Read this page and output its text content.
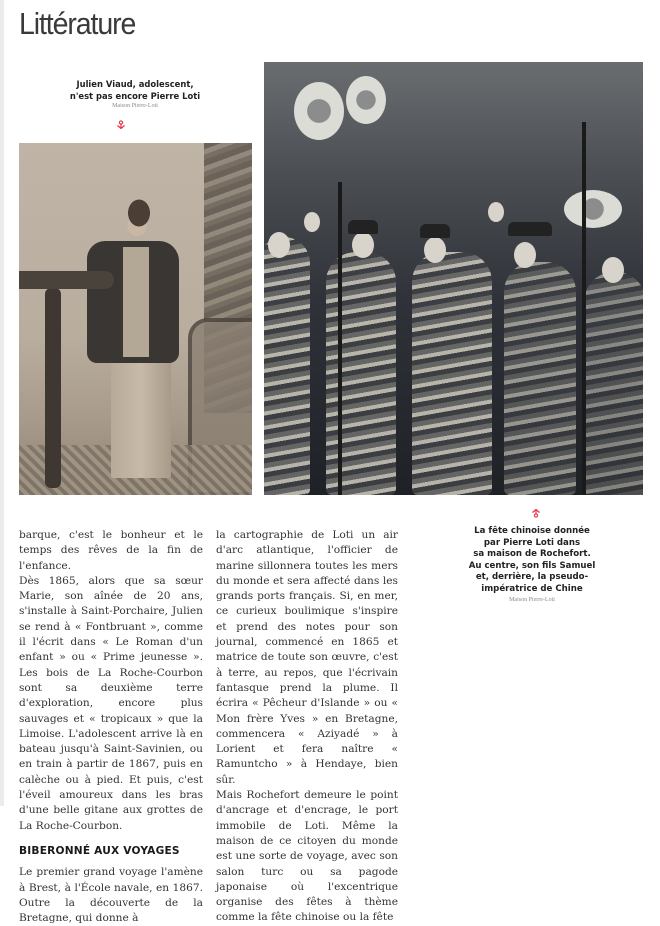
Littérature
Julien Viaud, adolescent,
n'est pas encore Pierre Loti
Maison Pierre-Loti
La fête chinoise donnée
par Pierre Loti dans
sa maison de Rochefort.
Au centre, son fils Samuel
et, derrière, la pseudo-
impératrice de Chine
Maison Pierre-Loti

barque, c'est le bonheur et le temps des rêves de la fin de l'enfance.

Dès 1865, alors que sa sœur Marie, son aînée de 20 ans, s'installe à Saint-Porchaire, Julien se rend à « Fontbruant », comme il l'écrit dans « Le Roman d'un enfant » ou « Prime jeunesse ». Les bois de La Roche-Courbon sont sa deuxième terre d'exploration, encore plus sauvages et « tropicaux » que la Limoise. L'adolescent arrive là en bateau jusqu'à Saint-Savinien, ou en train à partir de 1867, puis en calèche ou à pied. Et puis, c'est l'éveil amoureux dans les bras d'une belle gitane aux grottes de La Roche-Courbon.

BIBERONNÉ AUX VOYAGES

Le premier grand voyage l'amène à Brest, à l'École navale, en 1867. Outre la découverte de la Bretagne, qui donne à

la cartographie de Loti un air d'arc atlantique, l'officier de marine sillonnera toutes les mers du monde et sera affecté dans les grands ports français. Si, en mer, ce curieux boulimique s'inspire et prend des notes pour son journal, commencé en 1865 et matrice de toute son œuvre, c'est à terre, au repos, que l'écrivain fantasque prend la plume. Il écrira « Pêcheur d'Islande » ou « Mon frère Yves » en Bretagne, commencera « Aziyadé » à Lorient et fera naître « Ramuntcho » à Hendaye, bien sûr.

Mais Rochefort demeure le point d'ancrage et d'encrage, le port immobile de Loti. Même la maison de ce citoyen du monde est une sorte de voyage, avec son salon turc ou sa pagode japonaise où l'excentrique organise des fêtes à thème comme la fête chinoise ou la fête
